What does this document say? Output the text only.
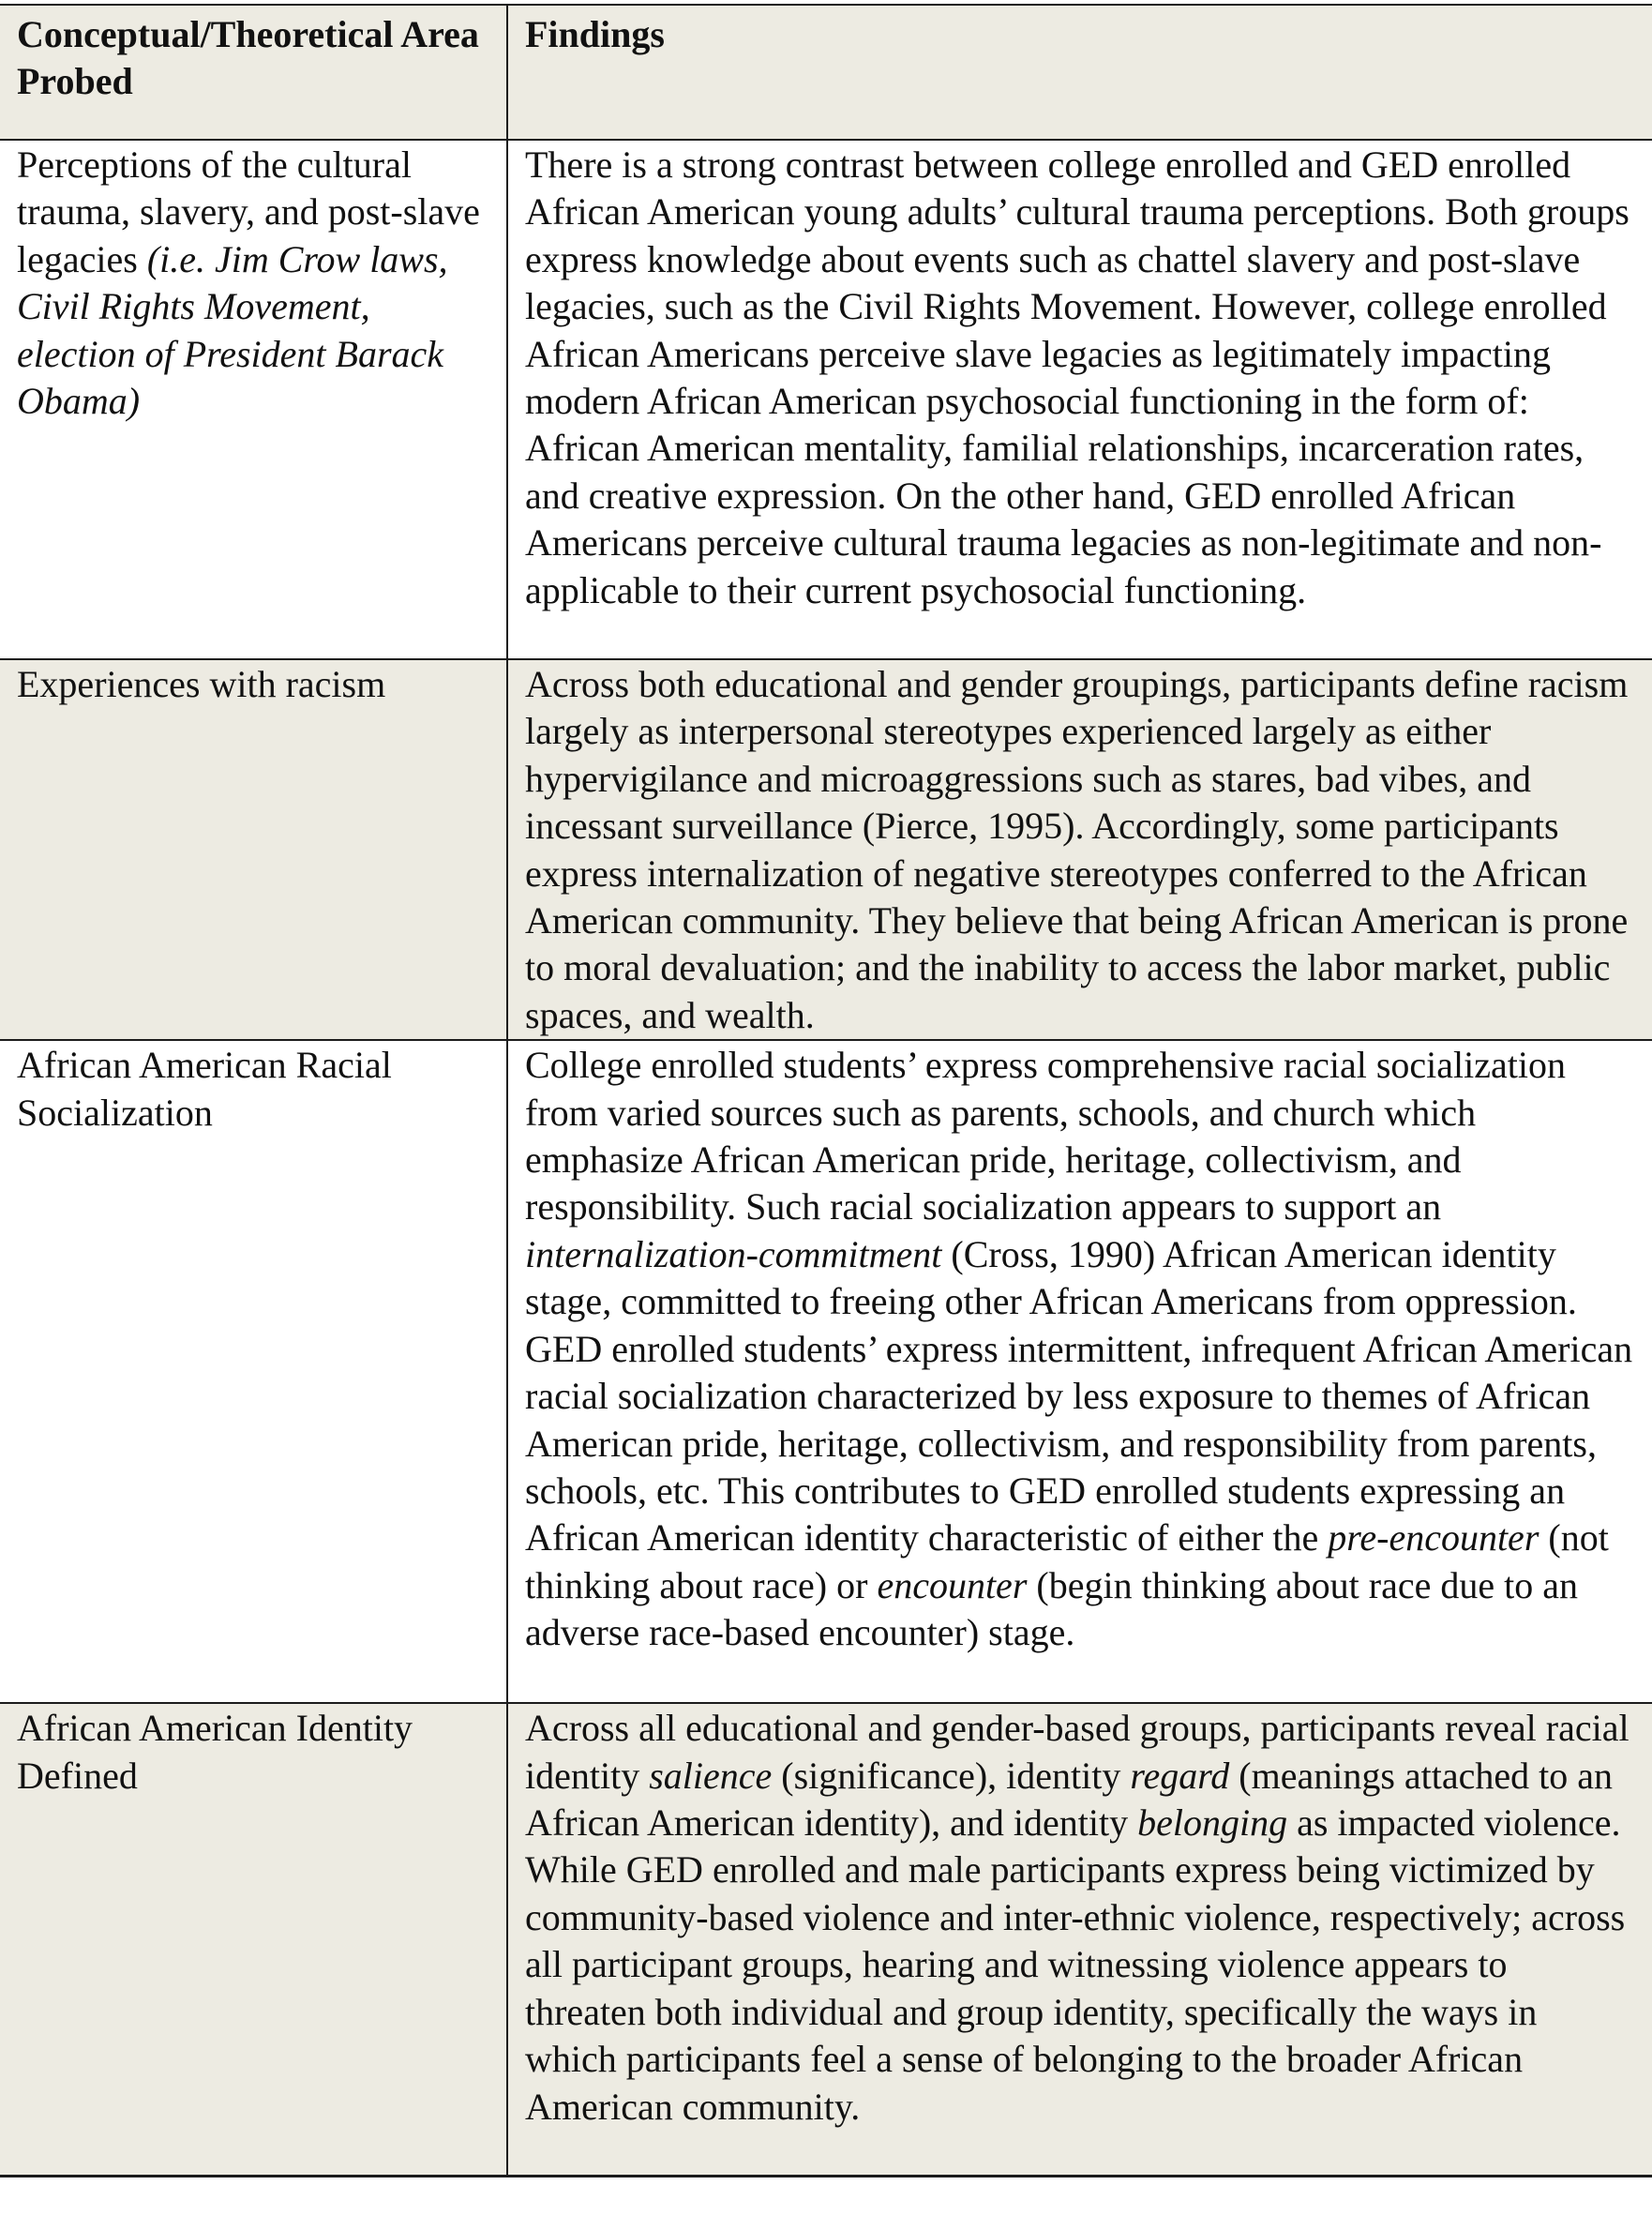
Conceptual/Theoretical Area Probed	Findings
Perceptions of the cultural trauma, slavery, and post-slave legacies (i.e. Jim Crow laws, Civil Rights Movement, election of President Barack Obama)	There is a strong contrast between college enrolled and GED enrolled African American young adults’ cultural trauma perceptions. Both groups express knowledge about events such as chattel slavery and post-slave legacies, such as the Civil Rights Movement. However, college enrolled African Americans perceive slave legacies as legitimately impacting modern African American psychosocial functioning in the form of: African American mentality, familial relationships, incarceration rates, and creative expression. On the other hand, GED enrolled African Americans perceive cultural trauma legacies as non-legitimate and non-applicable to their current psychosocial functioning.
Experiences with racism	Across both educational and gender groupings, participants define racism largely as interpersonal stereotypes experienced largely as either hypervigilance and microaggressions such as stares, bad vibes, and incessant surveillance (Pierce, 1995). Accordingly, some participants express internalization of negative stereotypes conferred to the African American community. They believe that being African American is prone to moral devaluation; and the inability to access the labor market, public spaces, and wealth.
African American Racial Socialization	College enrolled students’ express comprehensive racial socialization from varied sources such as parents, schools, and church which emphasize African American pride, heritage, collectivism, and responsibility. Such racial socialization appears to support an internalization-commitment (Cross, 1990) African American identity stage, committed to freeing other African Americans from oppression. GED enrolled students’ express intermittent, infrequent African American racial socialization characterized by less exposure to themes of African American pride, heritage, collectivism, and responsibility from parents, schools, etc. This contributes to GED enrolled students expressing an African American identity characteristic of either the pre-encounter (not thinking about race) or encounter (begin thinking about race due to an adverse race-based encounter) stage.
African American Identity Defined	Across all educational and gender-based groups, participants reveal racial identity salience (significance), identity regard (meanings attached to an African American identity), and identity belonging as impacted violence. While GED enrolled and male participants express being victimized by community-based violence and inter-ethnic violence, respectively; across all participant groups, hearing and witnessing violence appears to threaten both individual and group identity, specifically the ways in which participants feel a sense of belonging to the broader African American community.
